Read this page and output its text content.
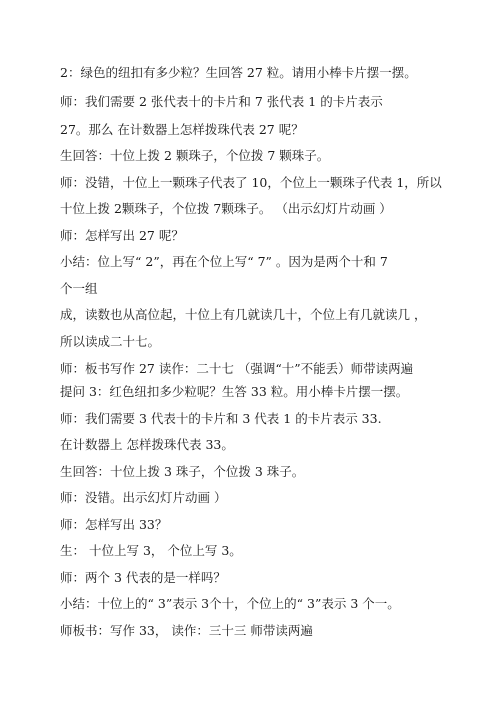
2：绿色的纽扣有多少粒？生回答 27 粒。请用小棒卡片摆一摆。
师：我们需要 2 张代表十的卡片和 7 张代表 1 的卡片表示
27。那么 在计数器上怎样拨珠代表 27 呢？
生回答：十位上拨 2 颗珠子，个位拨 7 颗珠子。
师：没错，十位上一颗珠子代表了 10，个位上一颗珠子代表 1，所以
十位上拨 2颗珠子，个位拨 7颗珠子。 （出示幻灯片动画 ）
师：怎样写出 27 呢？
小结：位上写“ 2”，再在个位上写“ 7” 。因为是两个十和 7
个一组
成，读数也从高位起，十位上有几就读几十，个位上有几就读几 ，
所以读成二十七。
师：板书写作 27 读作：二十七 （强调“十”不能丢）师带读两遍
提问 3：红色纽扣多少粒呢？生答 33 粒。用小棒卡片摆一摆。
师：我们需要 3 代表十的卡片和 3 代表 1 的卡片表示 33.
在计数器上 怎样拨珠代表 33。
生回答：十位上拨 3 珠子，个位拨 3 珠子。
师：没错。出示幻灯片动画 ）
师：怎样写出 33？
生： 十位上写 3， 个位上写 3。
师：两个 3 代表的是一样吗？
小结：十位上的“ 3”表示 3个十，个位上的“ 3”表示 3 个一。
师板书：写作 33， 读作：三十三 师带读两遍
